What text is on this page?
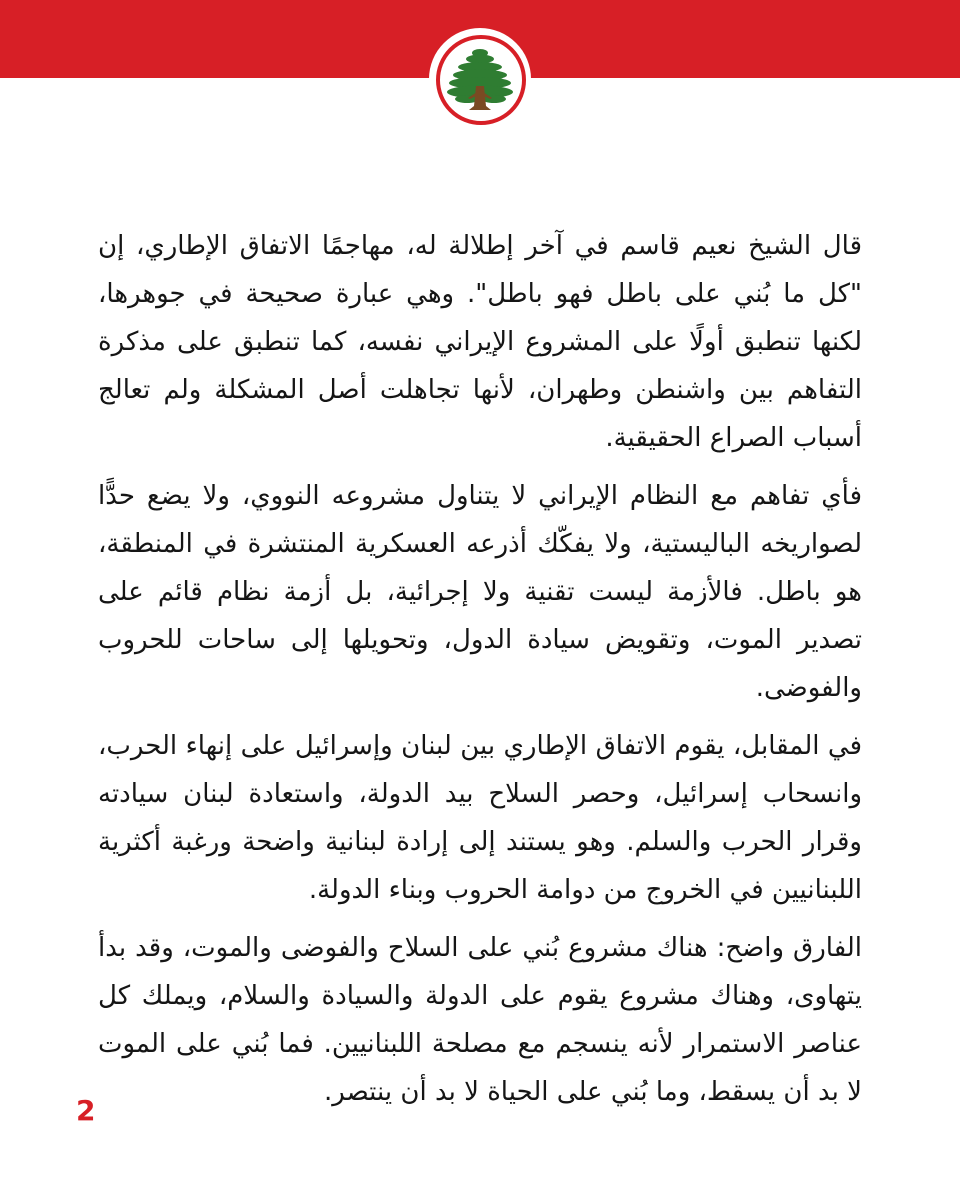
قال الشيخ نعيم قاسم في آخر إطلالة له، مهاجمًا الاتفاق الإطاري، إن "كل ما بُني على باطل فهو باطل". وهي عبارة صحيحة في جوهرها، لكنها تنطبق أولًا على المشروع الإيراني نفسه، كما تنطبق على مذكرة التفاهم بين واشنطن وطهران، لأنها تجاهلت أصل المشكلة ولم تعالج أسباب الصراع الحقيقية.

فأي تفاهم مع النظام الإيراني لا يتناول مشروعه النووي، ولا يضع حدًّا لصواريخه الباليستية، ولا يفكّك أذرعه العسكرية المنتشرة في المنطقة، هو باطل. فالأزمة ليست تقنية ولا إجرائية، بل أزمة نظام قائم على تصدير الموت، وتقويض سيادة الدول، وتحويلها إلى ساحات للحروب والفوضى.

في المقابل، يقوم الاتفاق الإطاري بين لبنان وإسرائيل على إنهاء الحرب، وانسحاب إسرائيل، وحصر السلاح بيد الدولة، واستعادة لبنان سيادته وقرار الحرب والسلم. وهو يستند إلى إرادة لبنانية واضحة ورغبة أكثرية اللبنانيين في الخروج من دوامة الحروب وبناء الدولة.

الفارق واضح: هناك مشروع بُني على السلاح والفوضى والموت، وقد بدأ يتهاوى، وهناك مشروع يقوم على الدولة والسيادة والسلام، ويملك كل عناصر الاستمرار لأنه ينسجم مع مصلحة اللبنانيين. فما بُني على الموت لا بد أن يسقط، وما بُني على الحياة لا بد أن ينتصر.

2
